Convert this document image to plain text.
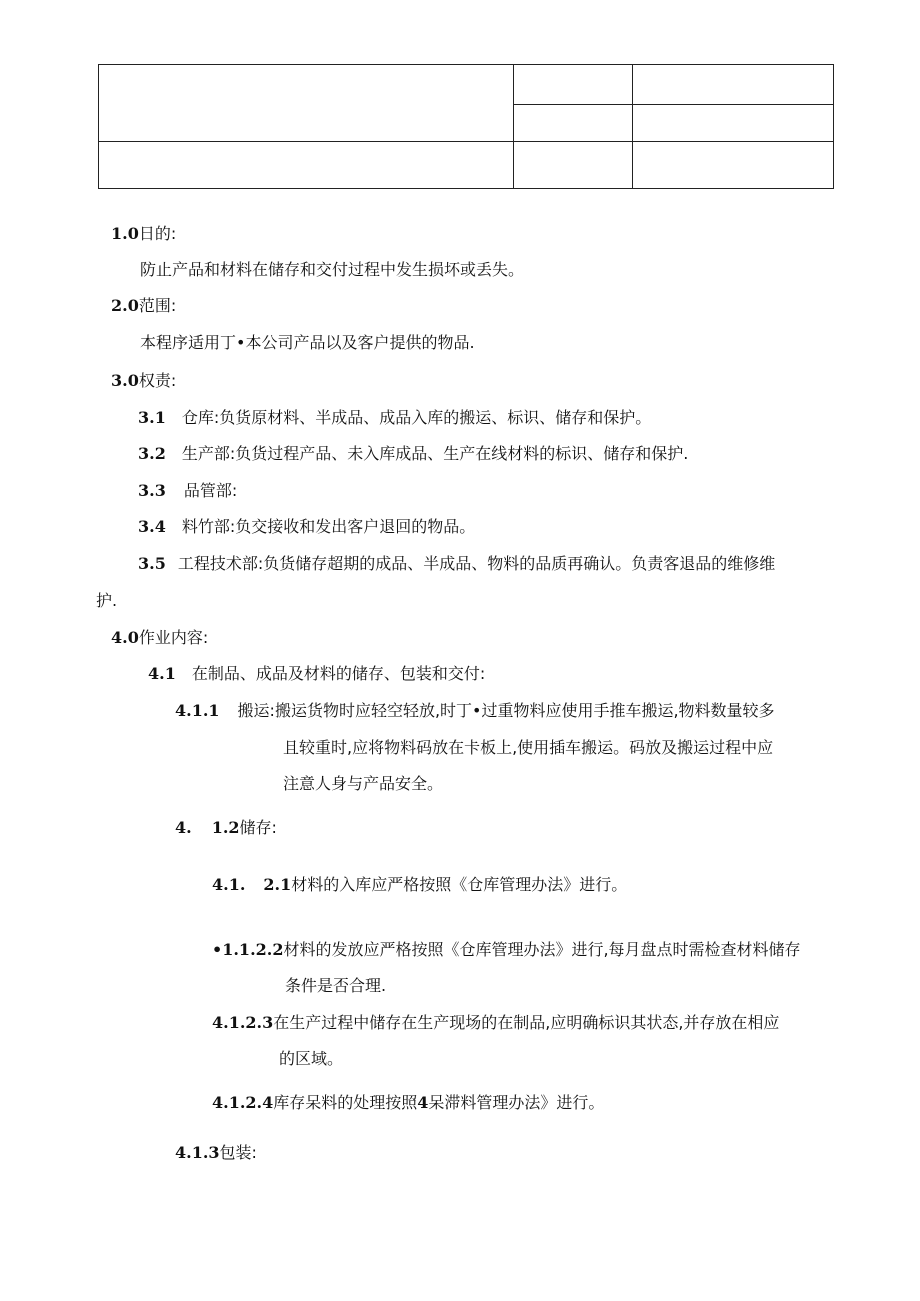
1.0日的:
防止产品和材料在储存和交付过程中发生损坏或丢失。
2.0范围:
本程序适用丁•本公司产品以及客户提供的物品.
3.0权责:
3.1 仓库:负货原材料、半成品、成品入库的搬运、标识、储存和保护。
3.2 生产部:负货过程产品、未入库成品、生产在线材料的标识、储存和保护.
3.3 品管部:
3.4 料竹部:负交接收和发出客户退回的物品。
3.5 工程技术部:负货储存超期的成品、半成品、物料的品质再确认。负责客退品的维修维
护.
4.0作业内容:
4.1 在制品、成品及材料的储存、包装和交付:
4.1.1 搬运:搬运货物时应轻空轻放,时丁•过重物料应使用手推车搬运,物料数量较多
且较重时,应将物料码放在卡板上,使用插车搬运。码放及搬运过程中应
注意人身与产品安全。
4. 1.2储存:
4.1. 2.1材料的入库应严格按照《仓库管理办法》进行。
•1.1.2.2材料的发放应严格按照《仓库管理办法》进行,每月盘点时需检查材料储存
条件是否合理.
4.1.2.3在生产过程中储存在生产现场的在制品,应明确标识其状态,并存放在相应
的区域。
4.1.2.4库存呆料的处理按照4呆滞料管理办法》进行。
4.1.3包装:
